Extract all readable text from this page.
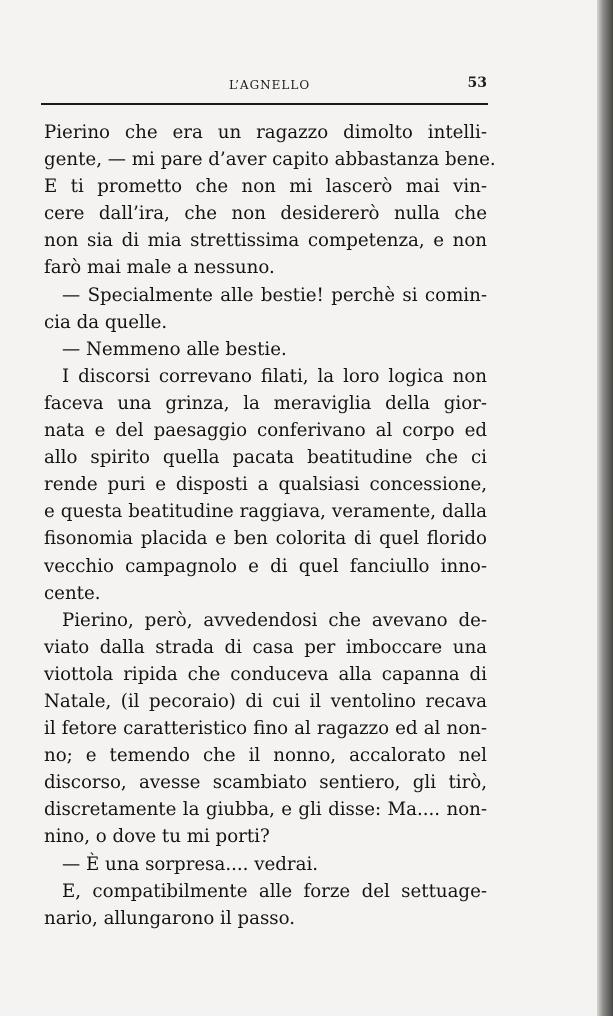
L’AGNELLO	53
Pierino che era un ragazzo dimolto intelli-
gente, — mi pare d’aver capito abbastanza bene.
E ti prometto che non mi lascerò mai vin-
cere dall’ira, che non desidererò nulla che
non sia di mia strettissima competenza, e non
farò mai male a nessuno.
— Specialmente alle bestie! perchè si comin-
cia da quelle.
— Nemmeno alle bestie.
I discorsi correvano filati, la loro logica non
faceva una grinza, la meraviglia della gior-
nata e del paesaggio conferivano al corpo ed
allo spirito quella pacata beatitudine che ci
rende puri e disposti a qualsiasi concessione,
e questa beatitudine raggiava, veramente, dalla
fisonomia placida e ben colorita di quel florido
vecchio campagnolo e di quel fanciullo inno-
cente.
Pierino, però, avvedendosi che avevano de-
viato dalla strada di casa per imboccare una
viottola ripida che conduceva alla capanna di
Natale, (il pecoraio) di cui il ventolino recava
il fetore caratteristico fino al ragazzo ed al non-
no; e temendo che il nonno, accalorato nel
discorso, avesse scambiato sentiero, gli tirò,
discretamente la giubba, e gli disse: Ma.... non-
nino, o dove tu mi porti?
— È una sorpresa.... vedrai.
E, compatibilmente alle forze del settuage-
nario, allungarono il passo.
